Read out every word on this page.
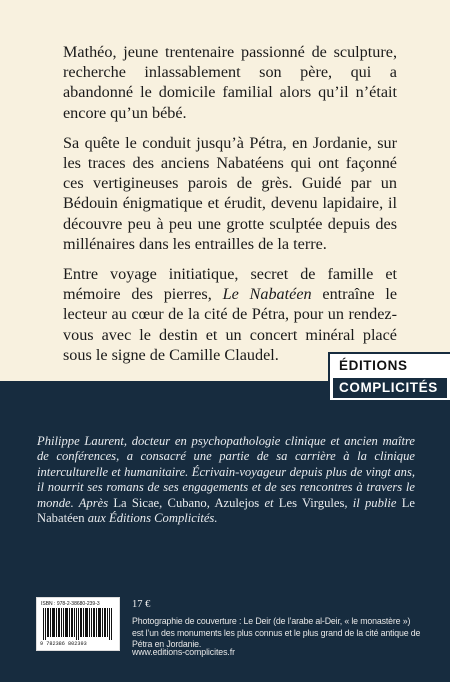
Mathéo, jeune trentenaire passionné de sculpture, recherche inlassablement son père, qui a abandonné le domicile familial alors qu’il n’était encore qu’un bébé.

Sa quête le conduit jusqu’à Pétra, en Jordanie, sur les traces des anciens Nabatéens qui ont façonné ces vertigineuses parois de grès. Guidé par un Bédouin énigmatique et érudit, devenu lapidaire, il découvre peu à peu une grotte sculptée depuis des millénaires dans les entrailles de la terre.

Entre voyage initiatique, secret de famille et mémoire des pierres, Le Nabatéen entraîne le lecteur au cœur de la cité de Pétra, pour un rendez-vous avec le destin et un concert minéral placé sous le signe de Camille Claudel.

ÉDITIONS
COMPLICITÉS
Philippe Laurent, docteur en psychopathologie clinique et ancien maître de conférences, a consacré une partie de sa carrière à la clinique interculturelle et humanitaire. Écrivain-voyageur depuis plus de vingt ans, il nourrit ses romans de ses engagements et de ses rencontres à travers le monde. Après La Sicae, Cubano, Azulejos et Les Virgules, il publie Le Nabatéen aux Éditions Complicités.
ISBN : 978-2-38680-239-3
9 782386 802393
17 €
Photographie de couverture : Le Deir (de l’arabe al-Deir, « le monastère ») est l’un des monuments les plus connus et le plus grand de la cité antique de Pétra en Jordanie.
www.editions-complicites.fr
